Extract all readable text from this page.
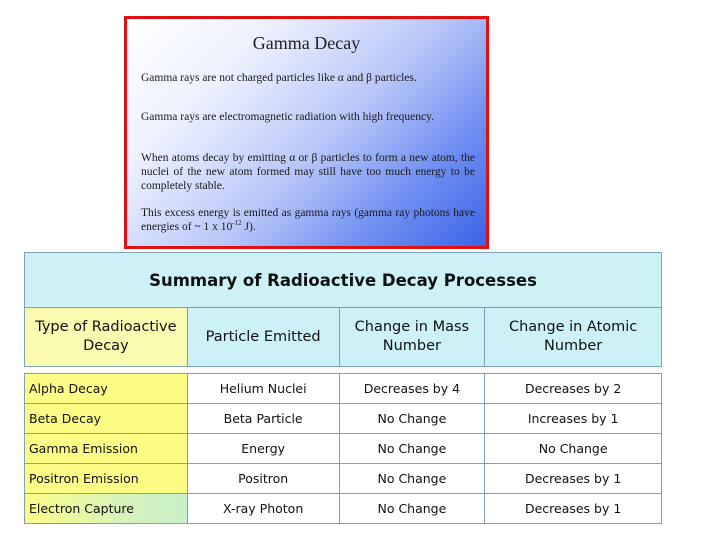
Gamma Decay

Gamma rays are not charged particles like α and β particles.

Gamma rays are electromagnetic radiation with high frequency.

When atoms decay by emitting α or β particles to form a new atom, the nuclei of the new atom formed may still have too much energy to be completely stable.

This excess energy is emitted as gamma rays (gamma ray photons have energies of ~ 1 x $10^{-12}$ J).

Summary of Radioactive Decay Processes			
Type of Radioactive Decay	Particle Emitted	Change in Mass Number	Change in Atomic Number

Alpha Decay	Helium Nuclei	Decreases by 4	Decreases by 2
Beta Decay	Beta Particle	No Change	Increases by 1
Gamma Emission	Energy	No Change	No Change
Positron Emission	Positron	No Change	Decreases by 1
Electron Capture	X-ray Photon	No Change	Decreases by 1
